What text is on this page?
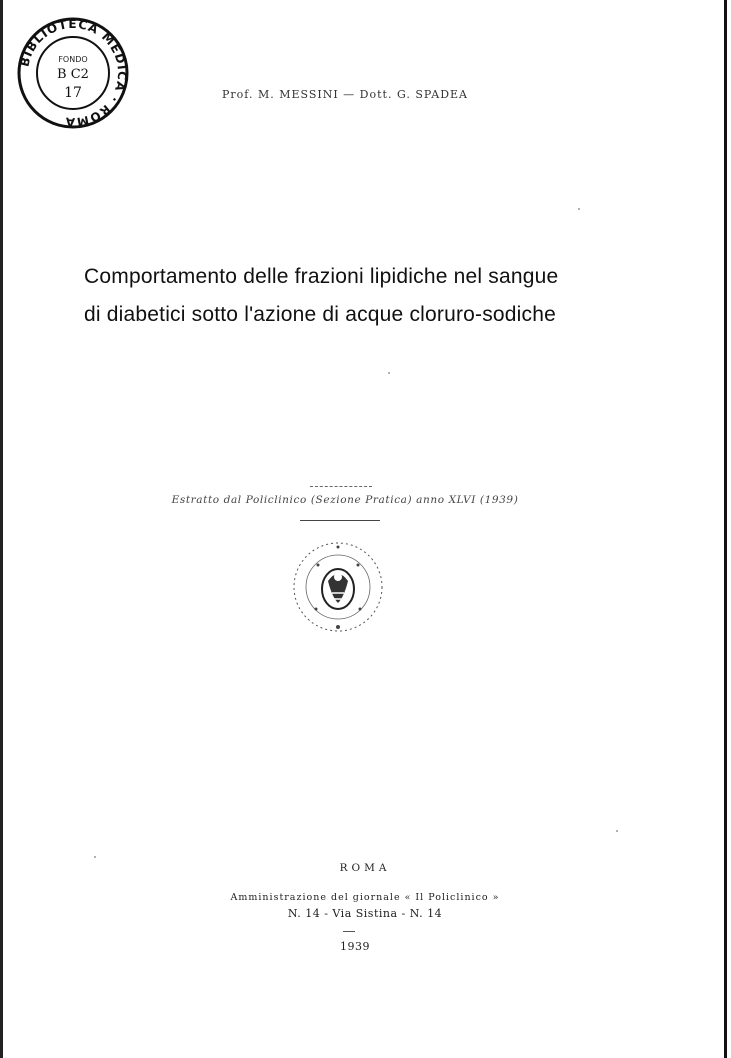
BIBLIOTECA MEDICA · ROMA
FONDO
B C2
17	Prof. M. MESSINI — Dott. G. SPADEA
Comportamento delle frazioni lipidiche nel sangue
di diabetici sotto l'azione di acque cloruro-sodiche
Estratto dal Policlinico (Sezione Pratica) anno XLVI (1939)
ROMA
Amministrazione del giornale « Il Policlinico »
N. 14 - Via Sistina - N. 14
1939
